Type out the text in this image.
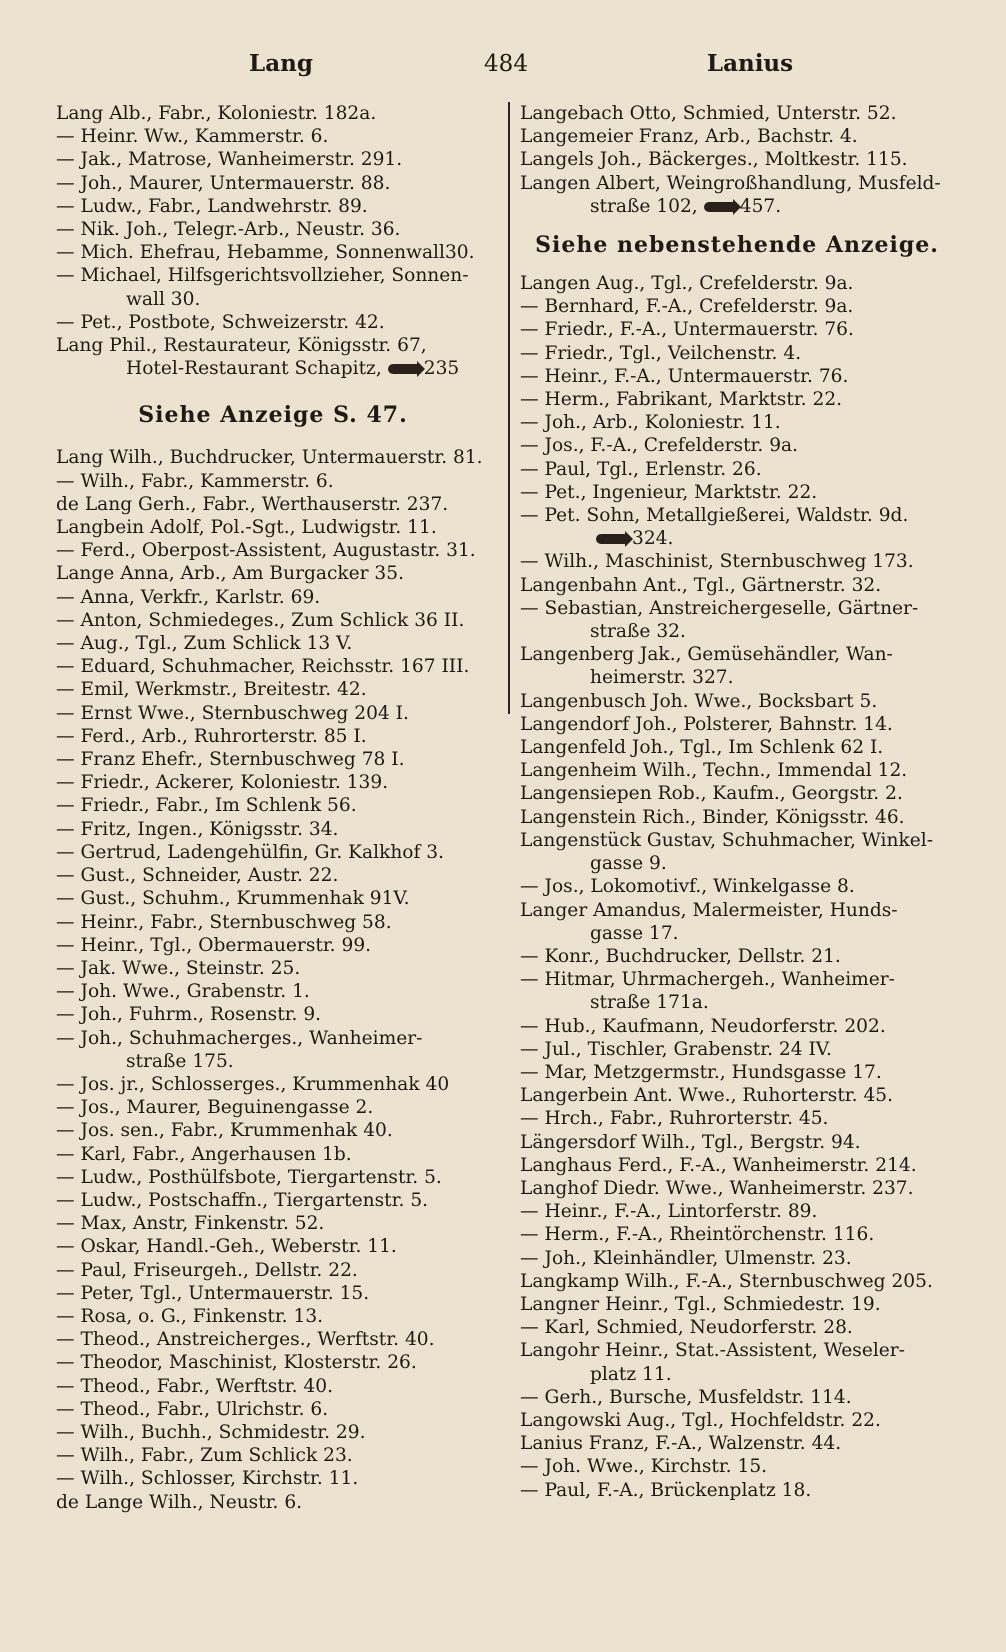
Lang	484	Lanius
Lang Alb., Fabr., Koloniestr. 182a.
— Heinr. Ww., Kammerstr. 6.
— Jak., Matrose, Wanheimerstr. 291.
— Joh., Maurer, Untermauerstr. 88.
— Ludw., Fabr., Landwehrstr. 89.
— Nik. Joh., Telegr.-Arb., Neustr. 36.
— Mich. Ehefrau, Hebamme, Sonnenwall30.
— Michael, Hilfsgerichtsvollzieher, Sonnen-
wall 30.
— Pet., Postbote, Schweizerstr. 42.
Lang Phil., Restaurateur, Königsstr. 67,
Hotel-Restaurant Schapitz, 235
Siehe Anzeige S. 47.
Lang Wilh., Buchdrucker, Untermauerstr. 81.
— Wilh., Fabr., Kammerstr. 6.
de Lang Gerh., Fabr., Werthauserstr. 237.
Langbein Adolf, Pol.-Sgt., Ludwigstr. 11.
— Ferd., Oberpost-Assistent, Augustastr. 31.
Lange Anna, Arb., Am Burgacker 35.
— Anna, Verkfr., Karlstr. 69.
— Anton, Schmiedeges., Zum Schlick 36 II.
— Aug., Tgl., Zum Schlick 13 V.
— Eduard, Schuhmacher, Reichsstr. 167 III.
— Emil, Werkmstr., Breitestr. 42.
— Ernst Wwe., Sternbuschweg 204 I.
— Ferd., Arb., Ruhrorterstr. 85 I.
— Franz Ehefr., Sternbuschweg 78 I.
— Friedr., Ackerer, Koloniestr. 139.
— Friedr., Fabr., Im Schlenk 56.
— Fritz, Ingen., Königsstr. 34.
— Gertrud, Ladengehülfin, Gr. Kalkhof 3.
— Gust., Schneider, Austr. 22.
— Gust., Schuhm., Krummenhak 91V.
— Heinr., Fabr., Sternbuschweg 58.
— Heinr., Tgl., Obermauerstr. 99.
— Jak. Wwe., Steinstr. 25.
— Joh. Wwe., Grabenstr. 1.
— Joh., Fuhrm., Rosenstr. 9.
— Joh., Schuhmacherges., Wanheimer-
straße 175.
— Jos. jr., Schlosserges., Krummenhak 40
— Jos., Maurer, Beguinengasse 2.
— Jos. sen., Fabr., Krummenhak 40.
— Karl, Fabr., Angerhausen 1b.
— Ludw., Posthülfsbote, Tiergartenstr. 5.
— Ludw., Postschaffn., Tiergartenstr. 5.
— Max, Anstr, Finkenstr. 52.
— Oskar, Handl.-Geh., Weberstr. 11.
— Paul, Friseurgeh., Dellstr. 22.
— Peter, Tgl., Untermauerstr. 15.
— Rosa, o. G., Finkenstr. 13.
— Theod., Anstreicherges., Werftstr. 40.
— Theodor, Maschinist, Klosterstr. 26.
— Theod., Fabr., Werftstr. 40.
— Theod., Fabr., Ulrichstr. 6.
— Wilh., Buchh., Schmidestr. 29.
— Wilh., Fabr., Zum Schlick 23.
— Wilh., Schlosser, Kirchstr. 11.
de Lange Wilh., Neustr. 6.
Langebach Otto, Schmied, Unterstr. 52.
Langemeier Franz, Arb., Bachstr. 4.
Langels Joh., Bäckerges., Moltkestr. 115.
Langen Albert, Weingroßhandlung, Musfeld-
straße 102, 457.
Siehe nebenstehende Anzeige.
Langen Aug., Tgl., Crefelderstr. 9a.
— Bernhard, F.-A., Crefelderstr. 9a.
— Friedr., F.-A., Untermauerstr. 76.
— Friedr., Tgl., Veilchenstr. 4.
— Heinr., F.-A., Untermauerstr. 76.
— Herm., Fabrikant, Marktstr. 22.
— Joh., Arb., Koloniestr. 11.
— Jos., F.-A., Crefelderstr. 9a.
— Paul, Tgl., Erlenstr. 26.
— Pet., Ingenieur, Marktstr. 22.
— Pet. Sohn, Metallgießerei, Waldstr. 9d.
324.
— Wilh., Maschinist, Sternbuschweg 173.
Langenbahn Ant., Tgl., Gärtnerstr. 32.
— Sebastian, Anstreichergeselle, Gärtner-
straße 32.
Langenberg Jak., Gemüsehändler, Wan-
heimerstr. 327.
Langenbusch Joh. Wwe., Bocksbart 5.
Langendorf Joh., Polsterer, Bahnstr. 14.
Langenfeld Joh., Tgl., Im Schlenk 62 I.
Langenheim Wilh., Techn., Immendal 12.
Langensiepen Rob., Kaufm., Georgstr. 2.
Langenstein Rich., Binder, Königsstr. 46.
Langenstück Gustav, Schuhmacher, Winkel-
gasse 9.
— Jos., Lokomotivf., Winkelgasse 8.
Langer Amandus, Malermeister, Hunds-
gasse 17.
— Konr., Buchdrucker, Dellstr. 21.
— Hitmar, Uhrmachergeh., Wanheimer-
straße 171a.
— Hub., Kaufmann, Neudorferstr. 202.
— Jul., Tischler, Grabenstr. 24 IV.
— Mar, Metzgermstr., Hundsgasse 17.
Langerbein Ant. Wwe., Ruhorterstr. 45.
— Hrch., Fabr., Ruhrorterstr. 45.
Längersdorf Wilh., Tgl., Bergstr. 94.
Langhaus Ferd., F.-A., Wanheimerstr. 214.
Langhof Diedr. Wwe., Wanheimerstr. 237.
— Heinr., F.-A., Lintorferstr. 89.
— Herm., F.-A., Rheintörchenstr. 116.
— Joh., Kleinhändler, Ulmenstr. 23.
Langkamp Wilh., F.-A., Sternbuschweg 205.
Langner Heinr., Tgl., Schmiedestr. 19.
— Karl, Schmied, Neudorferstr. 28.
Langohr Heinr., Stat.-Assistent, Weseler-
platz 11.
— Gerh., Bursche, Musfeldstr. 114.
Langowski Aug., Tgl., Hochfeldstr. 22.
Lanius Franz, F.-A., Walzenstr. 44.
— Joh. Wwe., Kirchstr. 15.
— Paul, F.-A., Brückenplatz 18.
